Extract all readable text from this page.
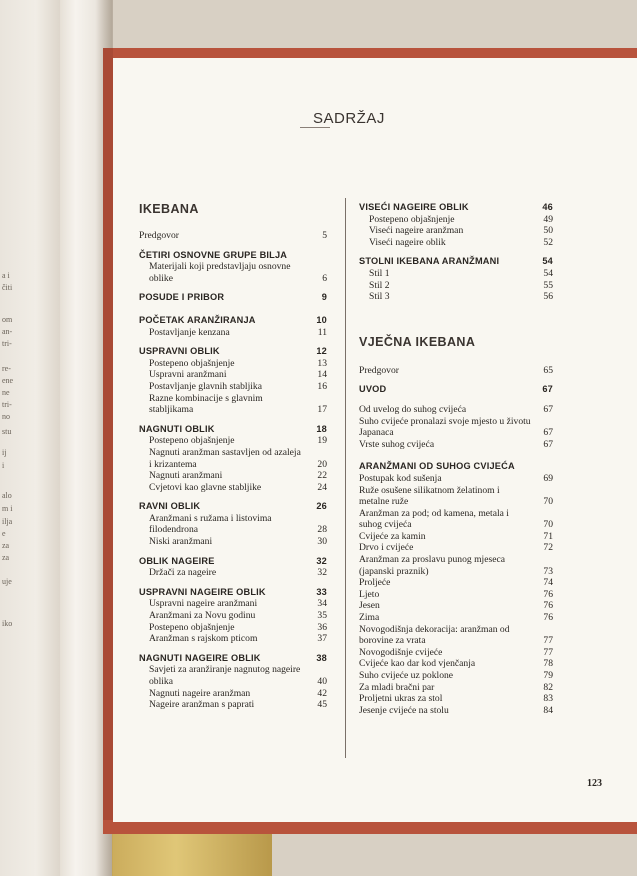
a i
čiti
om
an-
tri-
re-
ene
ne
tri-
no
stu
ij
i
alo
m i
ilja
e
za
za
uje
iko
SADRŽAJ
IKEBANA
Predgovor	5
ČETIRI OSNOVNE GRUPE BILJA
Materijali koji predstavljaju osnovne oblike	6
POSUDE I PRIBOR	9
POČETAK ARANŽIRANJA	10
Postavljanje kenzana	11
USPRAVNI OBLIK	12
Postepeno objašnjenje	13
Uspravni aranžmani	14
Postavljanje glavnih stabljika	16
Razne kombinacije s glavnim stabljikama	17
NAGNUTI OBLIK	18
Postepeno objašnjenje	19
Nagnuti aranžman sastavljen od azaleja i krizantema	20
Nagnuti aranžmani	22
Cvjetovi kao glavne stabljike	24
RAVNI OBLIK	26
Aranžmani s ružama i listovima filodendrona	28
Niski aranžmani	30
OBLIK NAGEIRE	32
Držači za nageire	32
USPRAVNI NAGEIRE OBLIK	33
Uspravni nageire aranžmani	34
Aranžmani za Novu godinu	35
Postepeno objašnjenje	36
Aranžman s rajskom pticom	37
NAGNUTI NAGEIRE OBLIK	38
Savjeti za aranžiranje nagnutog nageire oblika	40
Nagnuti nageire aranžman	42
Nageire aranžman s paprati	45
VISEĆI NAGEIRE OBLIK	46
Postepeno objašnjenje	49
Viseći nageire aranžman	50
Viseći nageire oblik	52
STOLNI IKEBANA ARANŽMANI	54
Stil 1	54
Stil 2	55
Stil 3	56
VJEČNA IKEBANA
Predgovor	65
UVOD	67
Od uvelog do suhog cvijeća	67
Suho cvijeće pronalazi svoje mjesto u životu Japanaca	67
Vrste suhog cvijeća	67
ARANŽMANI OD SUHOG CVIJEĆA
Postupak kod sušenja	69
Ruže osušene silikatnom želatinom i metalne ruže	70
Aranžman za pod; od kamena, metala i suhog cvijeća	70
Cvijeće za kamin	71
Drvo i cvijeće	72
Aranžman za proslavu punog mjeseca (japanski praznik)	73
Proljeće	74
Ljeto	76
Jesen	76
Zima	76
Novogodišnja dekoracija: aranžman od borovine za vrata	77
Novogodišnje cvijeće	77
Cvijeće kao dar kod vjenčanja	78
Suho cvijeće uz poklone	79
Za mladi bračni par	82
Proljetni ukras za stol	83
Jesenje cvijeće na stolu	84
123
